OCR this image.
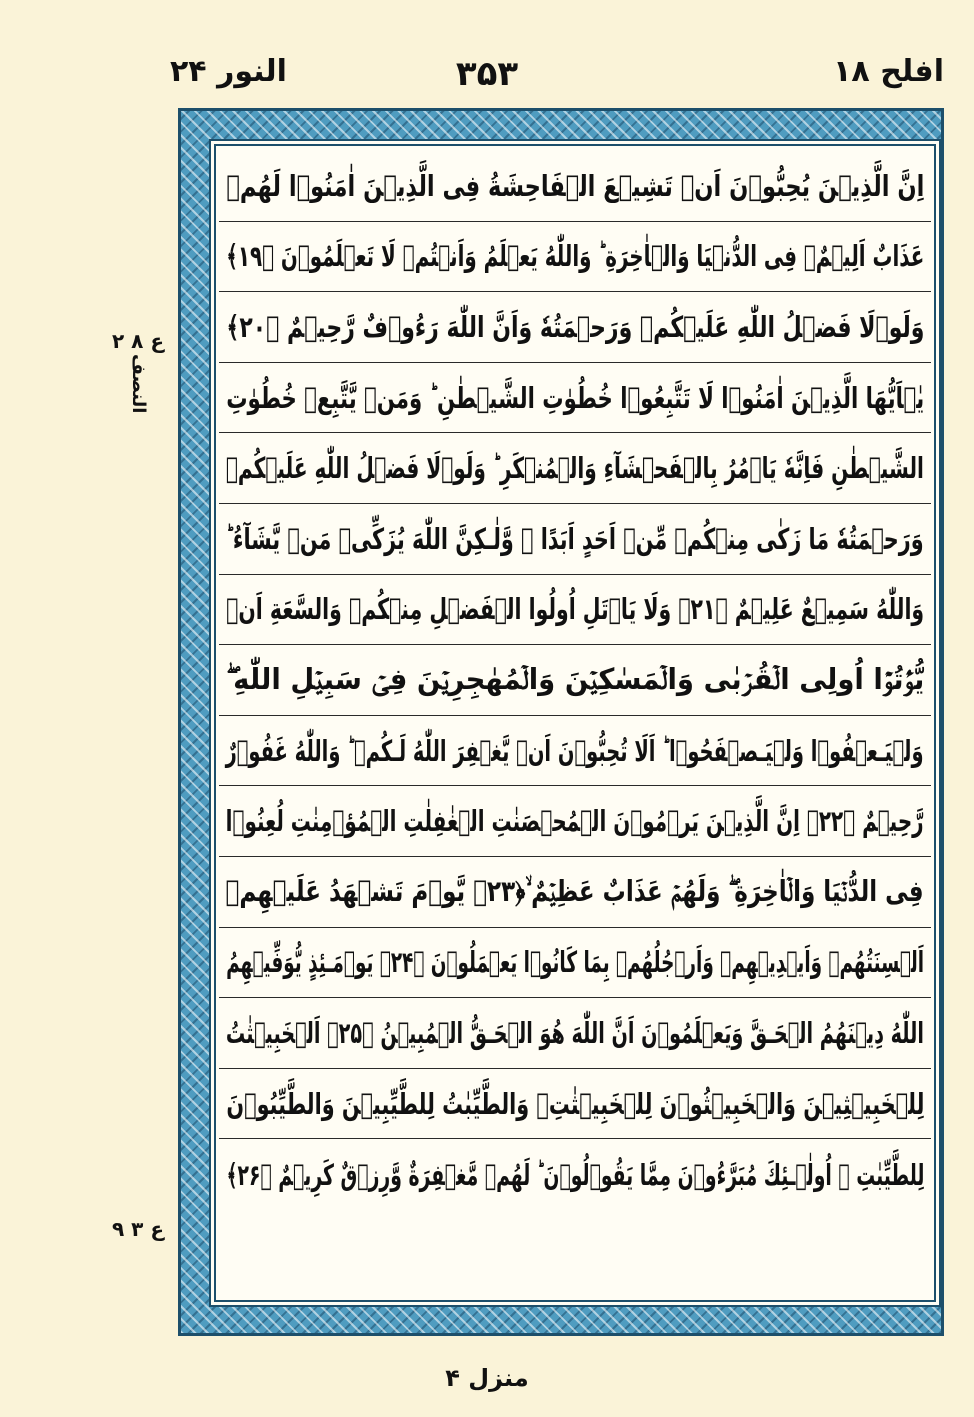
افلح ۱۸
۳۵۳
النور ۲۴
ع ۸ ۲
النصف
ع ۳ ۹
اِنَّ الَّذِيۡنَ يُحِبُّوۡنَ اَنۡ تَشِيۡعَ الۡفَاحِشَةُ فِى الَّذِيۡنَ اٰمَنُوۡا لَهُمۡ
عَذَابٌ اَلِيۡمٌۙ فِى الدُّنۡيَا وَالۡاٰخِرَةِ‌ ؕ وَاللّٰهُ يَعۡلَمُ وَاَنۡتُمۡ لَا تَعۡلَمُوۡنَ ﴿۱۹﴾
وَلَوۡلَا فَضۡلُ اللّٰهِ عَلَيۡكُمۡ وَرَحۡمَتُهٗ وَاَنَّ اللّٰهَ رَءُوۡفٌ رَّحِيۡمٌ ﴿۲۰﴾
يٰۤاَيُّهَا الَّذِيۡنَ اٰمَنُوۡا لَا تَتَّبِعُوۡا خُطُوٰتِ الشَّيۡطٰنِ‌ ؕ وَمَنۡ يَّتَّبِعۡ خُطُوٰتِ
الشَّيۡطٰنِ فَاِنَّهٗ يَاۡمُرُ بِالۡفَحۡشَآءِ وَالۡمُنۡكَرِ‌ ؕ وَلَوۡلَا فَضۡلُ اللّٰهِ عَلَيۡكُمۡ
وَرَحۡمَتُهٗ مَا زَكٰى مِنۡكُمۡ مِّنۡ اَحَدٍ اَبَدًا ۙ وَّلٰـكِنَّ اللّٰهَ يُزَكِّىۡ مَنۡ يَّشَآءُ‌ ؕ
وَاللّٰهُ سَمِيۡعٌ عَلِيۡمٌ ﴿۲۱﴾ وَلَا يَاۡتَلِ اُولُوا الۡفَضۡلِ مِنۡكُمۡ وَالسَّعَةِ اَنۡ
يُّؤۡتُوۡۤا اُولِى الۡقُرۡبٰى وَالۡمَسٰكِيۡنَ وَالۡمُهٰجِرِيۡنَ فِىۡ سَبِيۡلِ اللّٰهِ‌ ۖ
وَلۡيَـعۡفُوۡا وَلۡيَـصۡفَحُوۡا‌ ؕ اَلَا تُحِبُّوۡنَ اَنۡ يَّغۡفِرَ اللّٰهُ لَـكُمۡ‌ ؕ وَاللّٰهُ غَفُوۡرٌ
رَّحِيۡمٌ ﴿۲۲﴾ اِنَّ الَّذِيۡنَ يَرۡمُوۡنَ الۡمُحۡصَنٰتِ الۡغٰفِلٰتِ الۡمُؤۡمِنٰتِ لُعِنُوۡا
فِى الدُّنۡيَا وَالۡاٰخِرَةِ ۖ وَلَهُمۡ عَذَابٌ عَظِيۡمٌ ۙ﴿۲۳﴾ يَّوۡمَ تَشۡهَدُ عَلَيۡهِمۡ
اَلۡسِنَتُهُمۡ وَاَيۡدِيۡهِمۡ وَاَرۡجُلُهُمۡ بِمَا كَانُوۡا يَعۡمَلُوۡنَ ﴿۲۴﴾ يَوۡمَـئِذٍ يُّوَفِّيۡهِمُ
اللّٰهُ دِيۡنَهُمُ الۡحَـقَّ وَيَعۡلَمُوۡنَ اَنَّ اللّٰهَ هُوَ الۡحَـقُّ الۡمُبِيۡنُ ﴿۲۵﴾ اَلۡخَبِيۡثٰتُ
لِلۡخَبِيۡثِيۡنَ وَالۡخَبِيۡثُوۡنَ لِلۡخَبِيۡثٰتِ‌ۚ وَالطَّيِّبٰتُ لِلطَّيِّبِيۡنَ وَالطَّيِّبُوۡنَ
لِلطَّيِّبٰتِ‌ ۚ اُولٰۤـئِكَ مُبَرَّءُوۡنَ مِمَّا يَقُوۡلُوۡنَ‌ ؕ لَهُمۡ مَّغۡفِرَةٌ وَّرِزۡقٌ كَرِيۡمٌ ﴿۲۶﴾
منزل ۴
